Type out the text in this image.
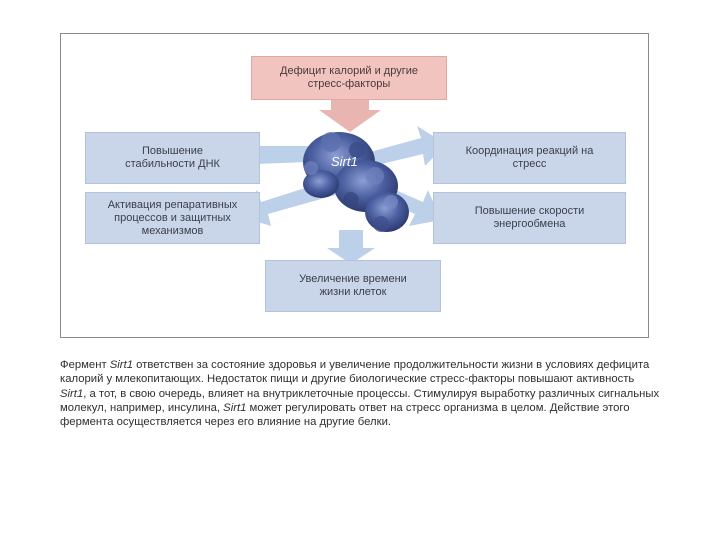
Sirt1
Дефицит калорий и другие стресс-факторы
Повышение стабильности ДНК
Активация репаративных процессов и защитных механизмов
Координация реакций на стресс
Повышение скорости энергообмена
Увеличение времени жизни клеток
Фермент Sirt1 ответствен за состояние здоровья и увеличение продолжительности жизни в условиях дефицита калорий у млекопитающих. Недостаток пищи и другие биологические стресс-факторы повышают активность Sirt1, а тот, в свою очередь, влияет на внутриклеточные процессы. Стимулируя выработку различных сигнальных молекул, например, инсулина, Sirt1 может регулировать ответ на стресс организма в целом. Действие этого фермента осуществляется через его влияние на другие белки.
